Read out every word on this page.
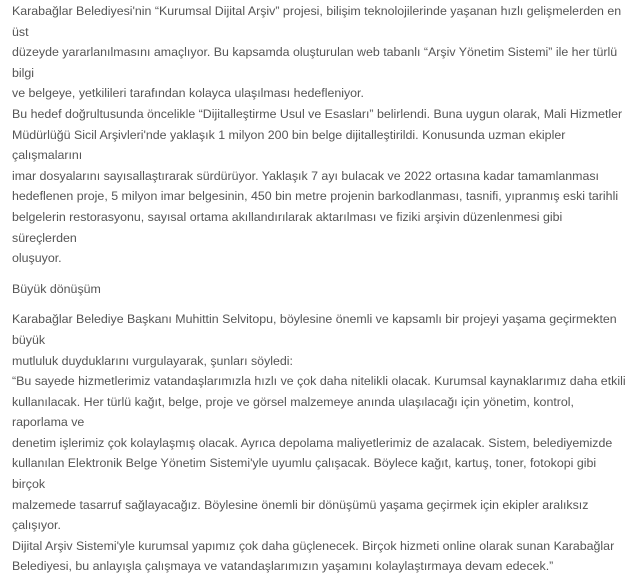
Karabağlar Belediyesi'nin “Kurumsal Dijital Arşiv” projesi, bilişim teknolojilerinde yaşanan hızlı gelişmelerden en üst

düzeyde yararlanılmasını amaçlıyor. Bu kapsamda oluşturulan web tabanlı “Arşiv Yönetim Sistemi” ile her türlü bilgi

ve belgeye, yetkilileri tarafından kolayca ulaşılması hedefleniyor.

Bu hedef doğrultusunda öncelikle “Dijitalleştirme Usul ve Esasları” belirlendi. Buna uygun olarak, Mali Hizmetler

Müdürlüğü Sicil Arşivleri'nde yaklaşık 1 milyon 200 bin belge dijitalleştirildi. Konusunda uzman ekipler çalışmalarını

imar dosyalarını sayısallaştırarak sürdürüyor. Yaklaşık 7 ayı bulacak ve 2022 ortasına kadar tamamlanması

hedeflenen proje, 5 milyon imar belgesinin, 450 bin metre projenin barkodlanması, tasnifi, yıpranmış eski tarihli

belgelerin restorasyonu, sayısal ortama akıllandırılarak aktarılması ve fiziki arşivin düzenlenmesi gibi süreçlerden

oluşuyor.

Büyük dönüşüm

Karabağlar Belediye Başkanı Muhittin Selvitopu, böylesine önemli ve kapsamlı bir projeyi yaşama geçirmekten büyük

mutluluk duyduklarını vurgulayarak, şunları söyledi:

“Bu sayede hizmetlerimiz vatandaşlarımızla hızlı ve çok daha nitelikli olacak. Kurumsal kaynaklarımız daha etkili

kullanılacak. Her türlü kağıt, belge, proje ve görsel malzemeye anında ulaşılacağı için yönetim, kontrol, raporlama ve

denetim işlerimiz çok kolaylaşmış olacak. Ayrıca depolama maliyetlerimiz de azalacak. Sistem, belediyemizde

kullanılan Elektronik Belge Yönetim Sistemi'yle uyumlu çalışacak. Böylece kağıt, kartuş, toner, fotokopi gibi birçok

malzemede tasarruf sağlayacağız. Böylesine önemli bir dönüşümü yaşama geçirmek için ekipler aralıksız çalışıyor.

Dijital Arşiv Sistemi'yle kurumsal yapımız çok daha güçlenecek. Birçok hizmeti online olarak sunan Karabağlar

Belediyesi, bu anlayışla çalışmaya ve vatandaşlarımızın yaşamını kolaylaştırmaya devam edecek.”
